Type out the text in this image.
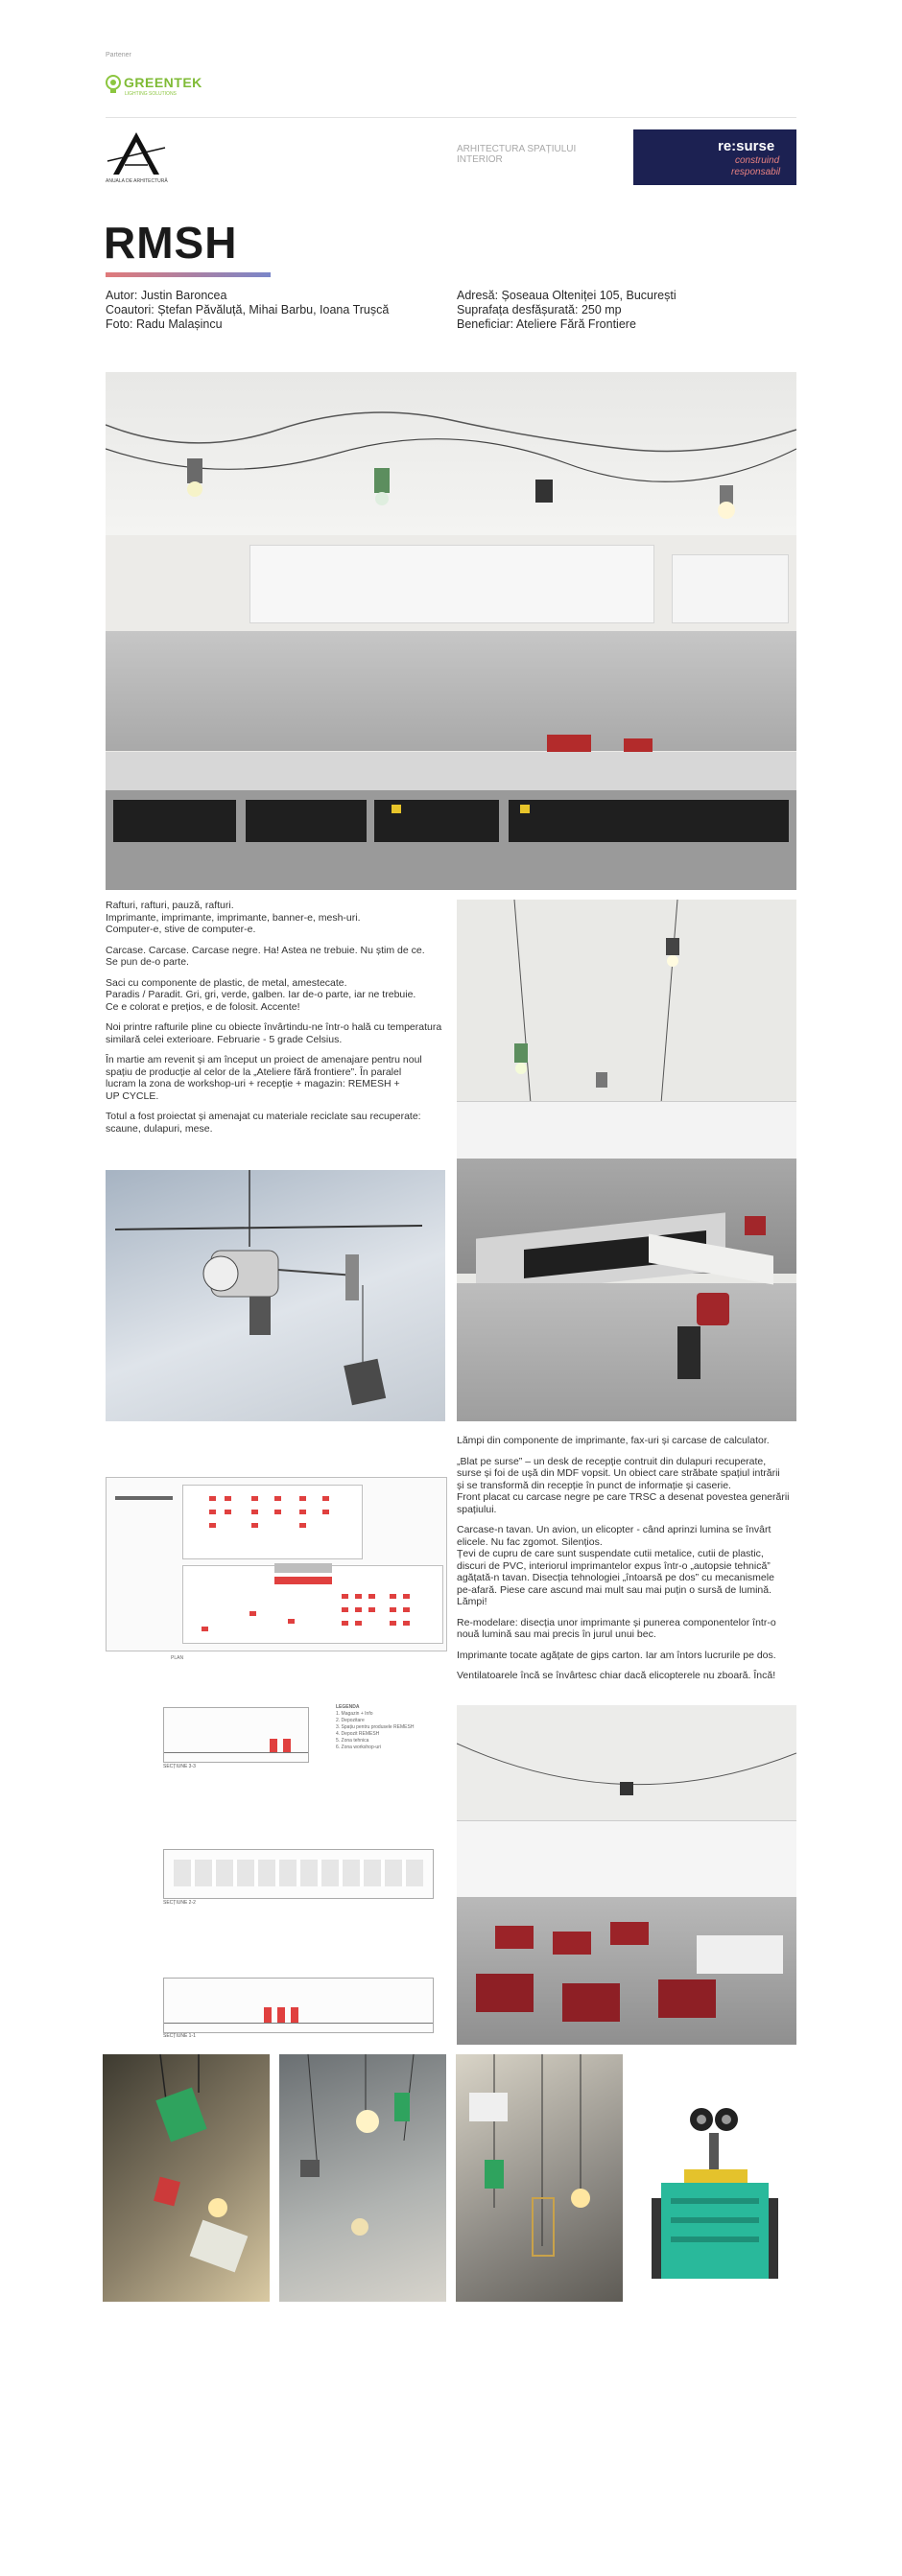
Partener
GREENTEK
LIGHTING SOLUTIONS
ANUALA DE ARHITECTURĂ
ARHITECTURA SPAȚIULUI INTERIOR
re:surse
construind
responsabil
RMSH
Autor: Justin Baroncea
Coautori: Ștefan Păvăluță, Mihai Barbu, Ioana Trușcă
Foto: Radu Malașincu
Adresă: Șoseaua Olteniței 105, București
Suprafața desfășurată: 250 mp
Beneficiar: Ateliere Fără Frontiere

Rafturi, rafturi, pauză, rafturi.
Imprimante, imprimante, imprimante, banner-e, mesh-uri.
Computer-e, stive de computer-e.

Carcase. Carcase. Carcase negre. Ha! Astea ne trebuie. Nu știm de ce.
Se pun de-o parte.

Saci cu componente de plastic, de metal, amestecate.
Paradis / Paradit. Gri, gri, verde, galben. Iar de-o parte, iar ne trebuie.
Ce e colorat e prețios, e de folosit. Accente!

Noi printre rafturile pline cu obiecte învârtindu-ne într-o hală cu temperatura
similară celei exterioare. Februarie - 5 grade Celsius.

În martie am revenit și am început un proiect de amenajare pentru noul
spațiu de producție al celor de la „Ateliere fără frontiere”. În paralel
lucram la zona de workshop-uri + recepție + magazin: REMESH +
UP CYCLE.

Totul a fost proiectat și amenajat cu materiale reciclate sau recuperate:
scaune, dulapuri, mese.

PLAN
SECȚIUNE 3-3
LEGENDA
1. Magazin + Info
2. Depozitare
3. Spațiu pentru produsele REMESH
4. Depozit REMESH
5. Zona tehnica
6. Zona workshop-uri
SECȚIUNE 2-2
SECȚIUNE 1-1

Lămpi din componente de imprimante, fax-uri și carcase de calculator.

„Blat pe surse” – un desk de recepție contruit din dulapuri recuperate,
surse și foi de ușă din MDF vopsit. Un obiect care străbate spațiul intrării
și se transformă din recepție în punct de informație și caserie.
Front placat cu carcase negre pe care TRSC a desenat povestea generării
spațiului.

Carcase-n tavan. Un avion, un elicopter - când aprinzi lumina se învârt
elicele. Nu fac zgomot. Silențios.
Țevi de cupru de care sunt suspendate cutii metalice, cutii de plastic,
discuri de PVC, interiorul imprimantelor expus într-o „autopsie tehnică”
agățată-n tavan. Disecția tehnologiei „întoarsă pe dos” cu mecanismele
pe-afară. Piese care ascund mai mult sau mai puțin o sursă de lumină.
Lămpi!

Re-modelare: disecția unor imprimante și punerea componentelor într-o
nouă lumină sau mai precis în jurul unui bec.

Imprimante tocate agățate de gips carton. Iar am întors lucrurile pe dos.

Ventilatoarele încă se învârtesc chiar dacă elicopterele nu zboară. Încă!
